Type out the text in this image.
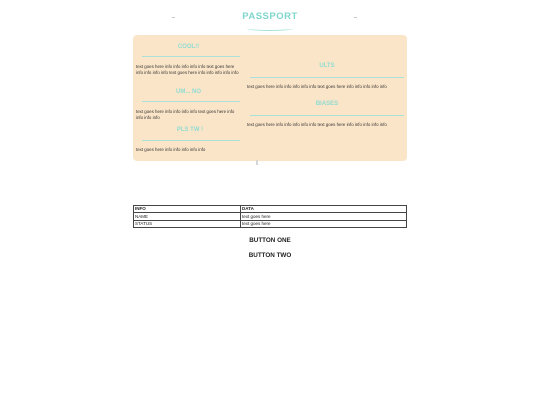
PASSPORT
COOL!!
text goes here info info info info info text goes here info info info info text goes here info info info info info
UM... NO
text goes here info info info info text goes here info info info info
PLS TW !
text goes here info info info info info
ULTS
text goes here info info info info info text goes here info info info info info
BIASES
text goes here info info info info info text goes here info info info info info
INFO	DATA
NAME	text goes here
STATUS	text goes here
BUTTON ONE
BUTTON TWO
